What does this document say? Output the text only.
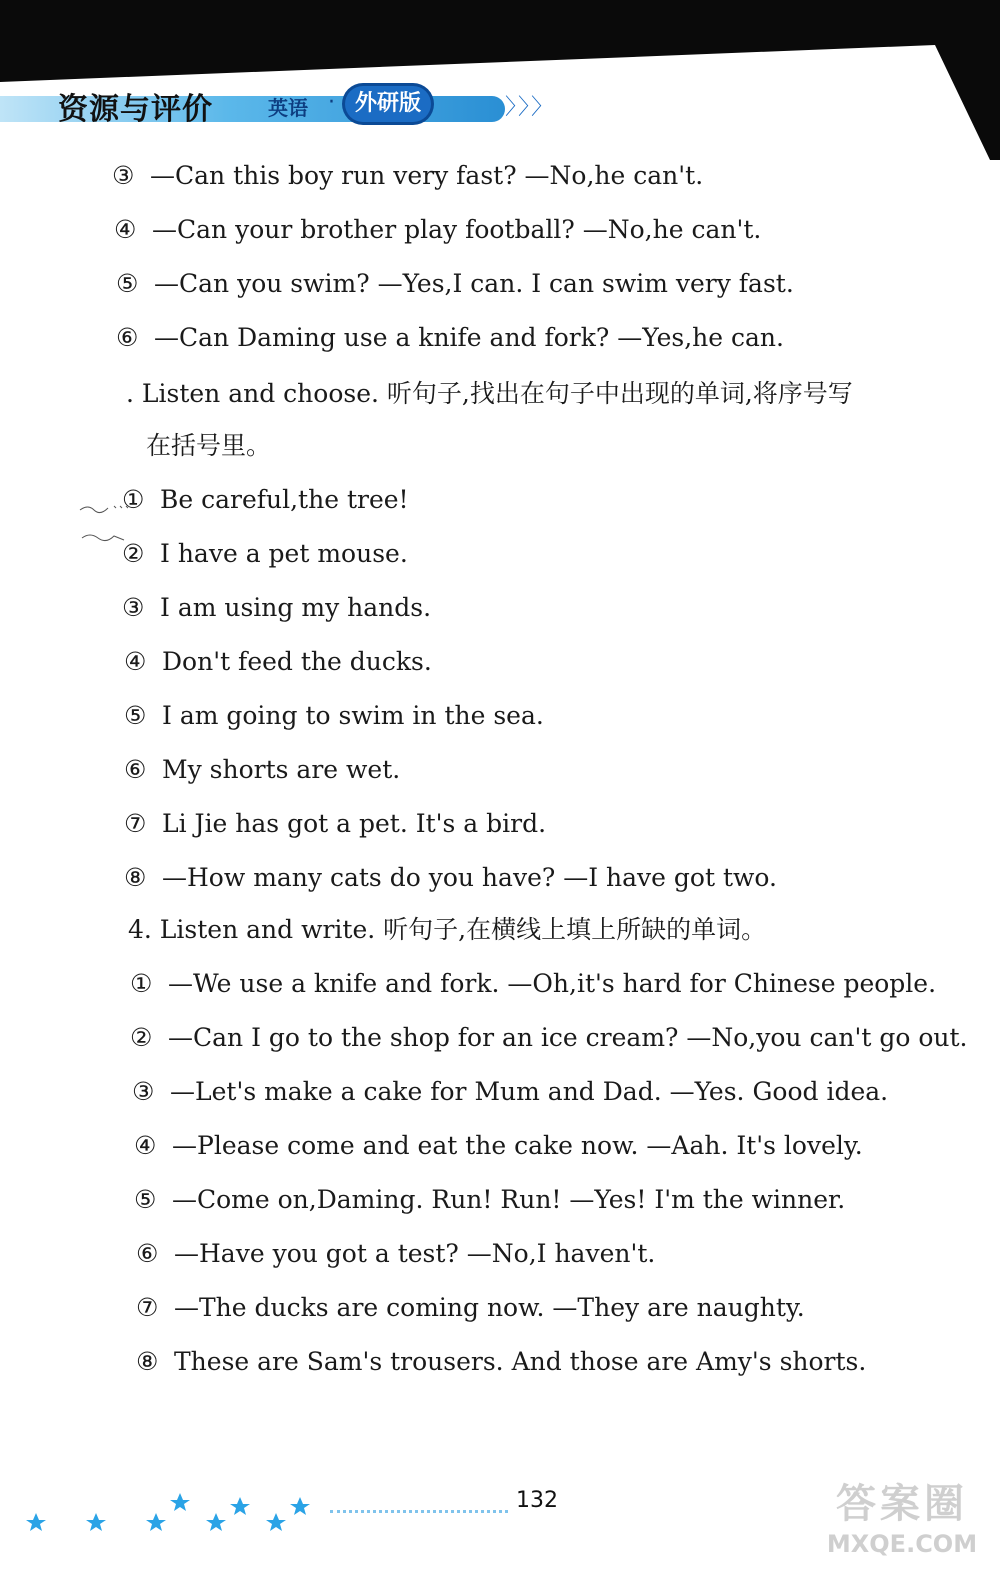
资源与评价	英语 · 外研版	〉〉〉
③ —Can this boy run very fast? —No,he can't.
④ —Can your brother play football? —No,he can't.
⑤ —Can you swim? —Yes,I can. I can swim very fast.
⑥ —Can Daming use a knife and fork? —Yes,he can.
. Listen and choose. 听句子,找出在句子中出现的单词,将序号写
在括号里。
① Be careful,the tree!
② I have a pet mouse.
③ I am using my hands.
④ Don't feed the ducks.
⑤ I am going to swim in the sea.
⑥ My shorts are wet.
⑦ Li Jie has got a pet. It's a bird.
⑧ —How many cats do you have? —I have got two.
4. Listen and write. 听句子,在横线上填上所缺的单词。
① —We use a knife and fork. —Oh,it's hard for Chinese people.
② —Can I go to the shop for an ice cream? —No,you can't go out.
③ —Let's make a cake for Mum and Dad. —Yes. Good idea.
④ —Please come and eat the cake now. —Aah. It's lovely.
⑤ —Come on,Daming. Run! Run! —Yes! I'm the winner.
⑥ —Have you got a test? —No,I haven't.
⑦ —The ducks are coming now. —They are naughty.
⑧ These are Sam's trousers. And those are Amy's shorts.
132	答案圈
MXQE.COM
